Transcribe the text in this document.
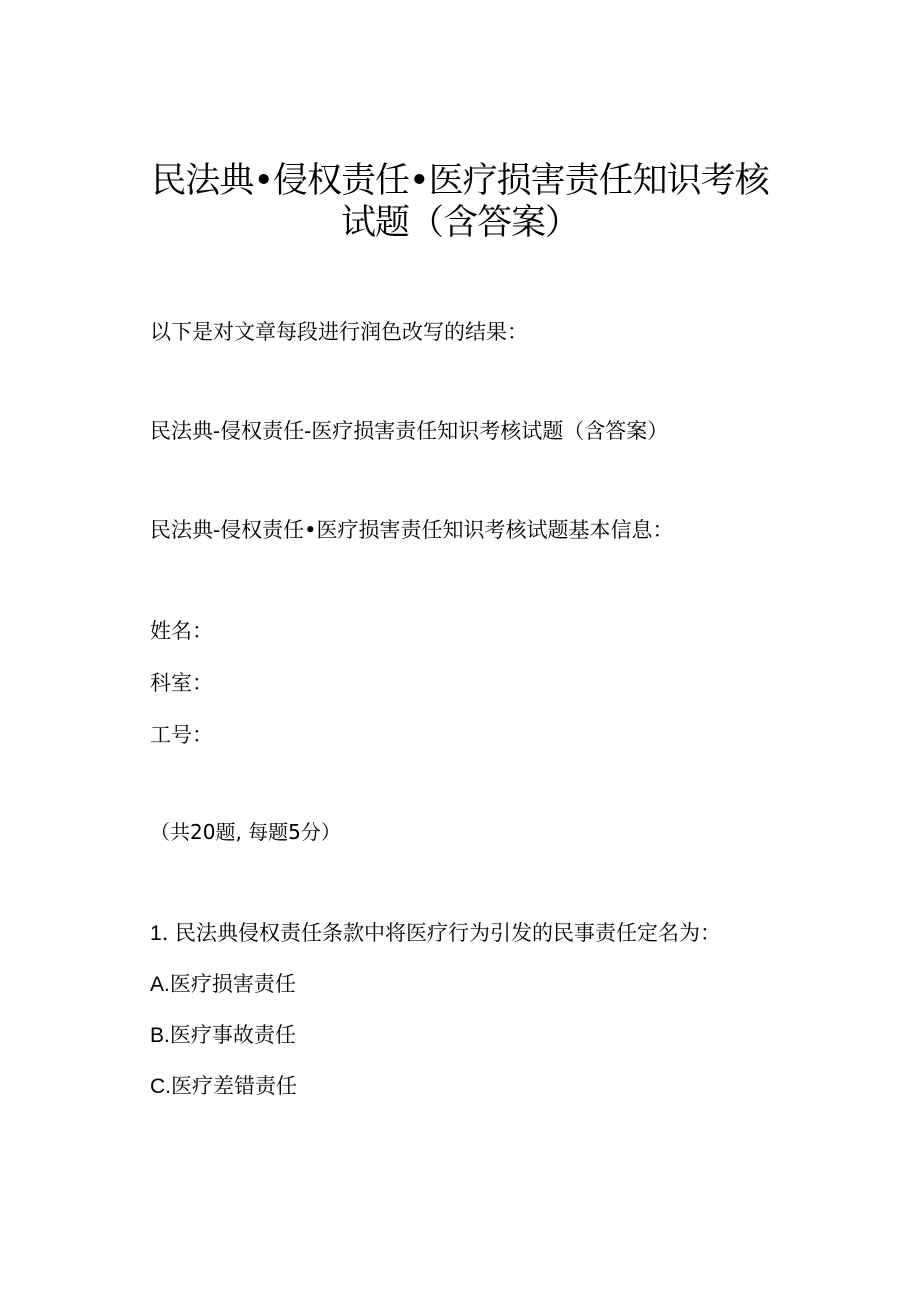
民法典•侵权责任•医疗损害责任知识考核
试题（含答案）

以下是对文章每段进行润色改写的结果：

民法典-侵权责任-医疗损害责任知识考核试题（含答案）

民法典-侵权责任•医疗损害责任知识考核试题基本信息：

姓名：

科室：

工号：

（共20题, 每题5分）

1. 民法典侵权责任条款中将医疗行为引发的民事责任定名为：

A.医疗损害责任

B.医疗事故责任

C.医疗差错责任
